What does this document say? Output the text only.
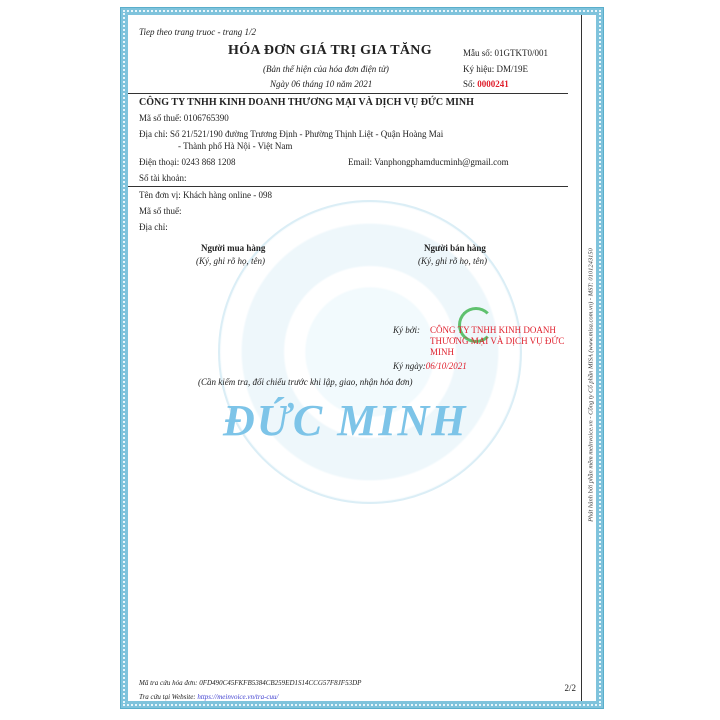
ĐỨC MINH
Tiep theo trang truoc - trang 1/2
HÓA ĐƠN GIÁ TRỊ GIA TĂNG
(Bản thể hiện của hóa đơn điện tử)
Ngày 06 tháng 10 năm 2021
Mẫu số: 01GTKT0/001
Ký hiệu: DM/19E
Số: 0000241
CÔNG TY TNHH KINH DOANH THƯƠNG MẠI VÀ DỊCH VỤ ĐỨC MINH
Mã số thuế: 0106765390
Địa chỉ: Số 21/521/190 đường Trương Định - Phường Thịnh Liệt - Quận Hoàng Mai
- Thành phố Hà Nội - Việt Nam
Điện thoại: 0243 868 1208	Email: Vanphongphamducminh@gmail.com
Số tài khoản:
Tên đơn vị: Khách hàng online - 098
Mã số thuế:
Địa chỉ:
Người mua hàng
(Ký, ghi rõ họ, tên)
Người bán hàng
(Ký, ghi rõ họ, tên)
Ký bởi: CÔNG TY TNHH KINH DOANH
THƯƠNG MẠI VÀ DỊCH VỤ ĐỨC
MINH
Ký ngày:06/10/2021
(Cần kiểm tra, đối chiếu trước khi lập, giao, nhận hóa đơn)
Mã tra cứu hóa đơn: 0FD490C45FKFB5384CB259ED1S14CCG57F8JF53DP
Tra cứu tại Website: https://meinvoice.vn/tra-cuu/
2/2
Phát hành bởi phần mềm meInvoice.vn - Công ty Cổ phần MISA (www.misa.com.vn) - MST: 0101243150
